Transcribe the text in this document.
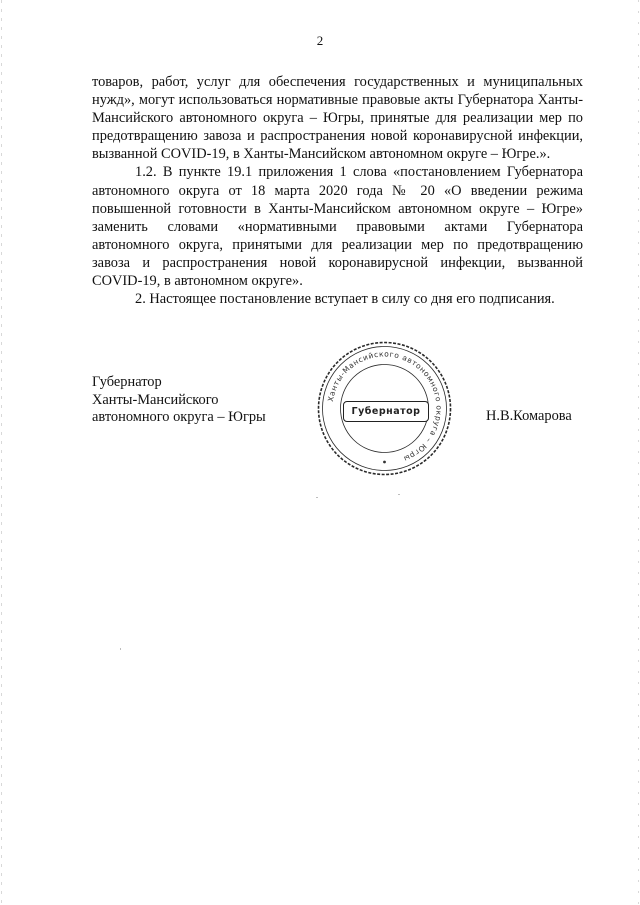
2

товаров, работ, услуг для обеспечения государственных и муниципальных нужд», могут использоваться нормативные правовые акты Губернатора Ханты-Мансийского автономного округа – Югры, принятые для реализации мер по предотвращению завоза и распространения новой коронавирусной инфекции, вызванной COVID-19, в Ханты-Мансийском автономном округе – Югре.».

1.2. В пункте 19.1 приложения 1 слова «постановлением Губернатора автономного округа от 18 марта 2020 года № 20 «О введении режима повышенной готовности в Ханты-Мансийском автономном округе – Югре» заменить словами «нормативными правовыми актами Губернатора автономного округа, принятыми для реализации мер по предотвращению завоза и распространения новой коронавирусной инфекции, вызванной COVID-19, в автономном округе».

2. Настоящее постановление вступает в силу со дня его подписания.

Губернатор
Ханты-Мансийского
автономного округа – Югры
Ханты-Мансийского автономного округа – Югры
Губернатор	Н.В.Комарова
